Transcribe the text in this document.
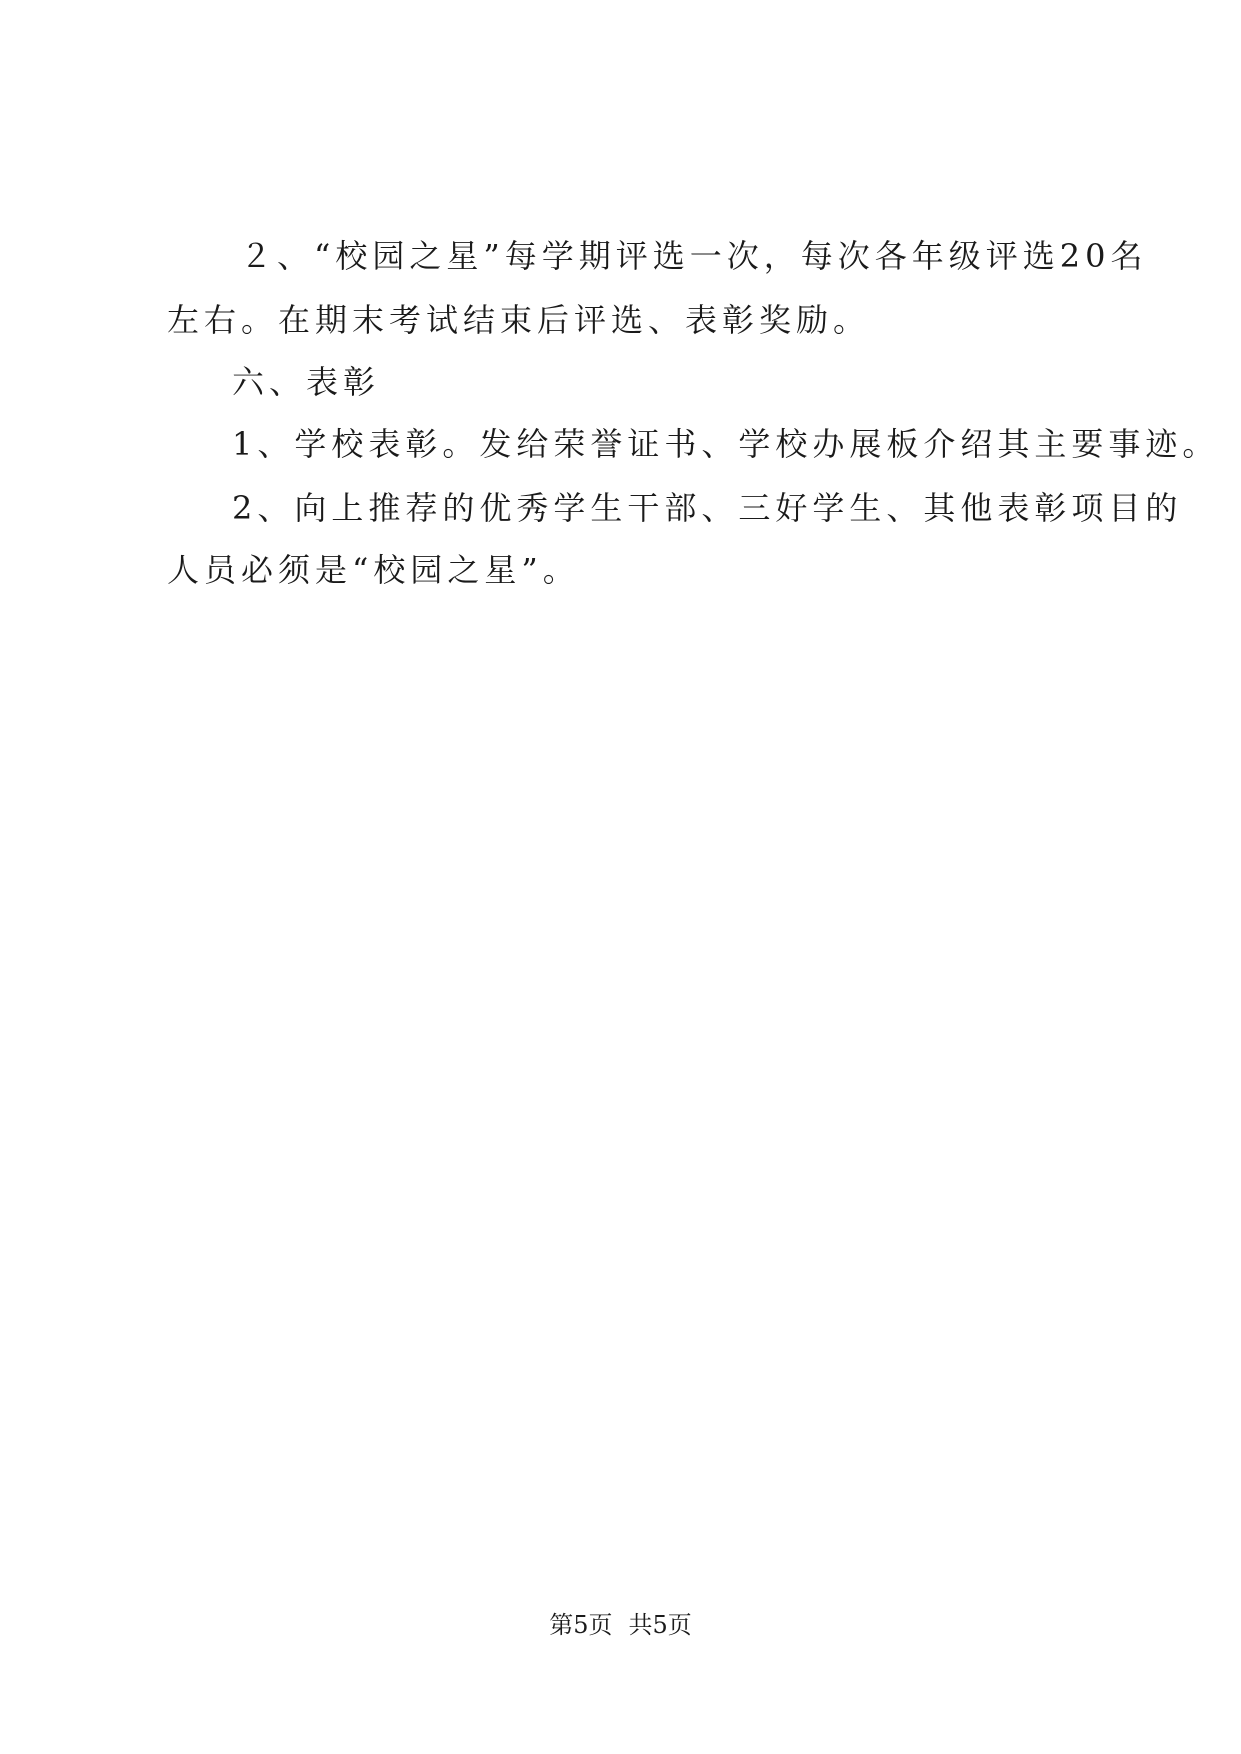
２、“校园之星”每学期评选一次，每次各年级评选20名
左右。在期末考试结束后评选、表彰奖励。
六、表彰
1、学校表彰。发给荣誉证书、学校办展板介绍其主要事迹。
2、向上推荐的优秀学生干部、三好学生、其他表彰项目的
人员必须是“校园之星”。
第5页 共5页
